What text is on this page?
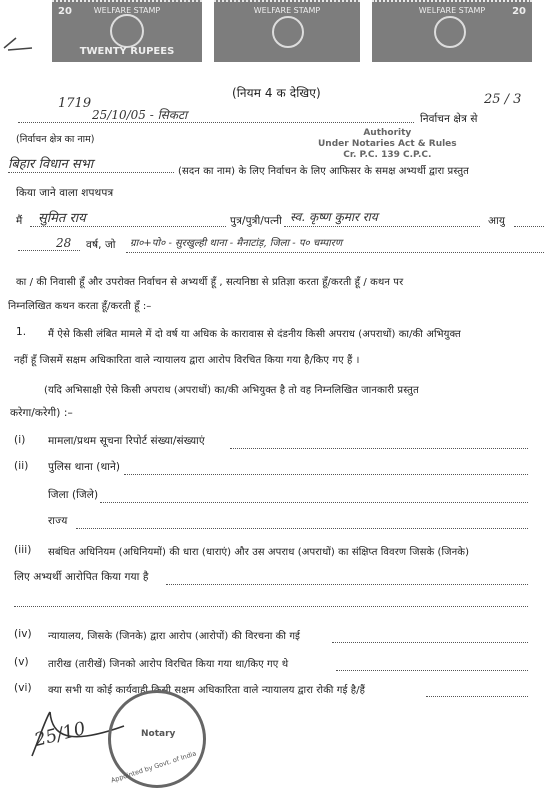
WELFARE STAMP
20
TWENTY RUPEES
WELFARE STAMP	WELFARE STAMP	20
(नियम 4 क देखिए)
1719
25/10/05 - सिकटा
25 / 3
निर्वाचन क्षेत्र से
(निर्वाचन क्षेत्र का नाम)
Authority
Under Notaries Act & Rules
Cr. P.C. 139 C.P.C.
बिहार विधान सभा	(सदन का नाम) के लिए निर्वाचन के लिए आफिसर के समक्ष अभ्यर्थी द्वारा प्रस्तुत
किया जाने वाला शपथपत्र
मैं सुमित राय	पुत्र/पुत्री/पत्नी स्व. कृष्ण कुमार राय	आयु
28 वर्ष, जो ग्रा०+पो० - सुरखुल्ही थाना - मैनाटांड़, जिला - प० चम्पारण
का / की निवासी हूँ और उपरोक्त निर्वाचन से अभ्यर्थी हूँ , सत्यनिष्ठा से प्रतिज्ञा करता हूँ/करती हूँ / कथन पर
निम्नलिखित कथन करता हूँ/करती हूँ :–
1. मैं ऐसे किसी लंबित मामले में दो वर्ष या अधिक के कारावास से दंडनीय किसी अपराध (अपराधों) का/की अभियुक्त
नहीं हूँ जिसमें सक्षम अधिकारिता वाले न्यायालय द्वारा आरोप विरचित किया गया है/किए गए हैं ।
(यदि अभिसाक्षी ऐसे किसी अपराध (अपराधों) का/की अभियुक्त है तो वह निम्नलिखित जानकारी प्रस्तुत
करेगा/करेगी) :–
(i) मामला/प्रथम सूचना रिपोर्ट संख्या/संख्याएं
(ii) पुलिस थाना (थाने)
जिला (जिले)
राज्य
(iii) सबंधित अधिनियम (अधिनियमों) की धारा (धाराएं) और उस अपराध (अपराधों) का संक्षिप्त विवरण जिसके (जिनके)
लिए अभ्यर्थी आरोपित किया गया है
(iv) न्यायालय, जिसके (जिनके) द्वारा आरोप (आरोपों) की विरचना की गई
(v) तारीख (तारीखें) जिनको आरोप विरचित किया गया था/किए गए थे
(vi) क्या सभी या कोई कार्यवाही किसी सक्षम अधिकारिता वाले न्यायालय द्वारा रोकी गई है/हैं
25/10	Notary
Appointed by Govt. of India
